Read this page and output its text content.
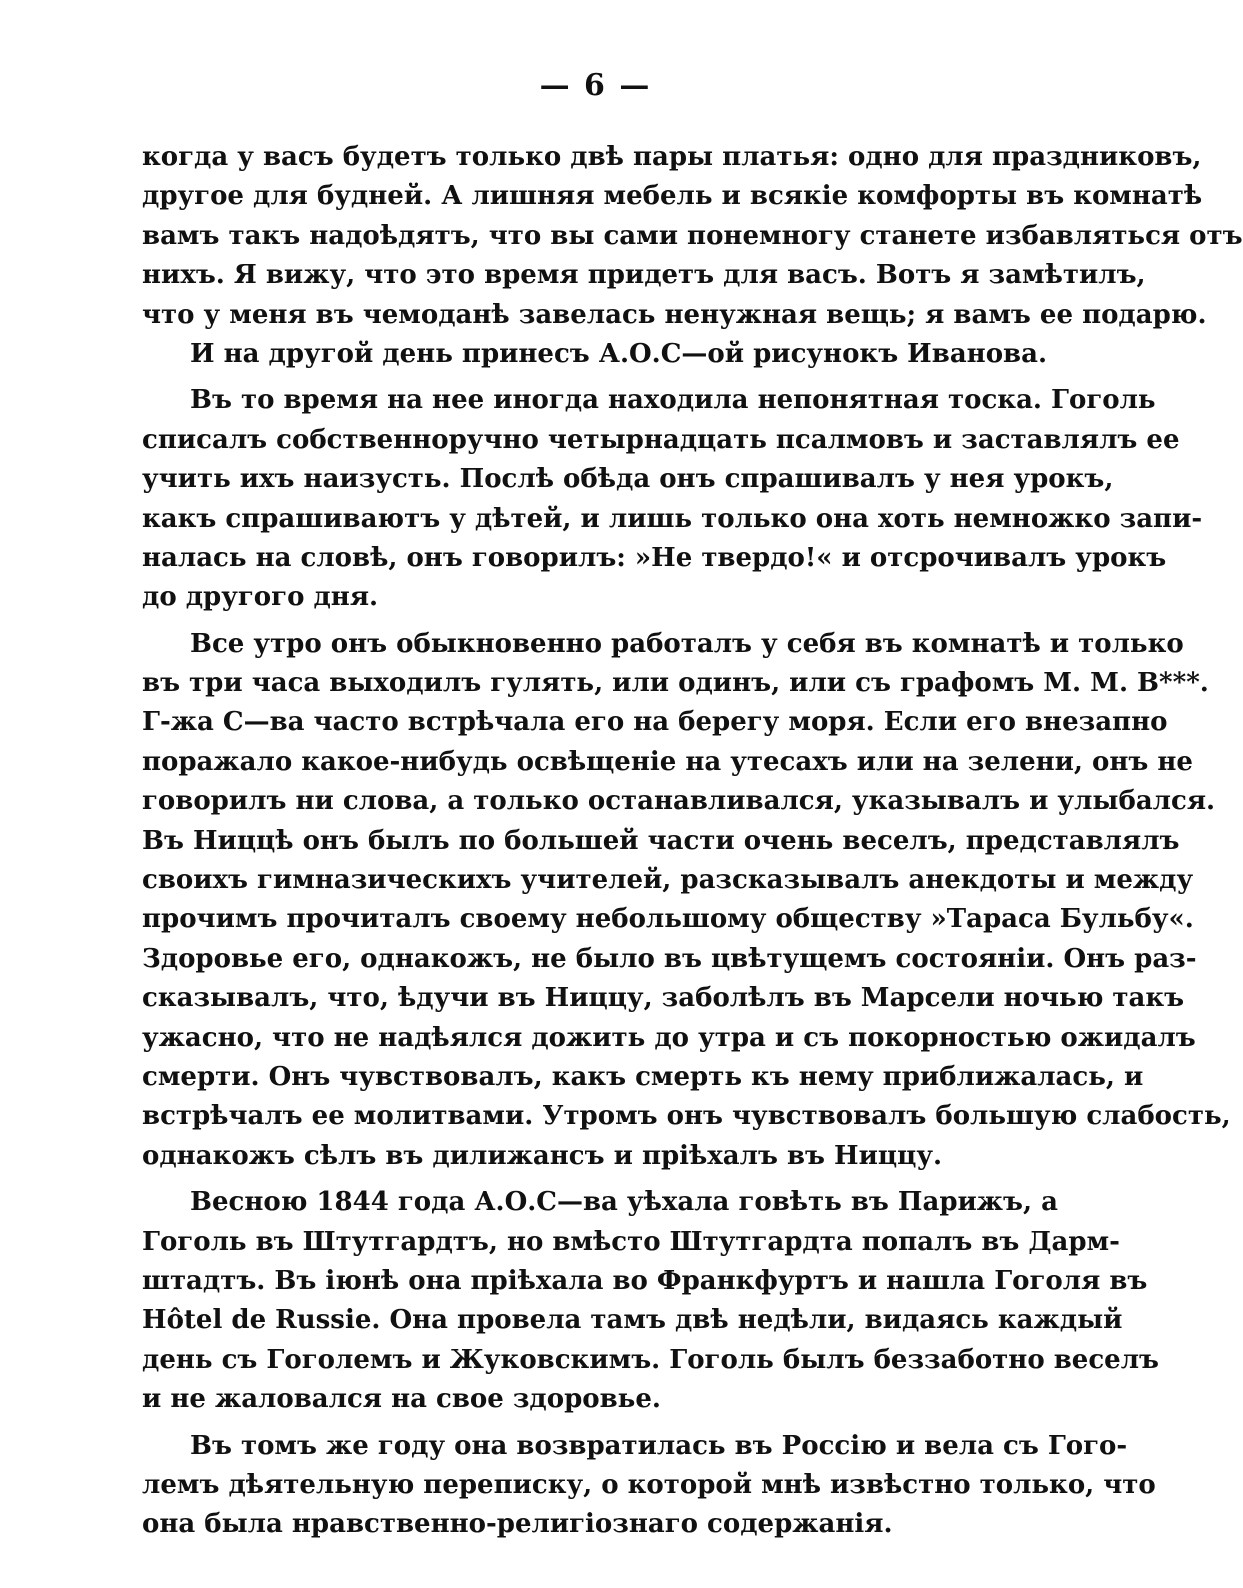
— 6 —
когда у васъ будетъ только двѣ пары платья: одно для праздниковъ,
другое для будней. А лишняя мебель и всякіе комфорты въ комнатѣ
вамъ такъ надоѣдятъ, что вы сами понемногу станете избавляться отъ
нихъ. Я вижу, что это время придетъ для васъ. Вотъ я замѣтилъ,
что у меня въ чемоданѣ завелась ненужная вещь; я вамъ ее подарю.
И на другой день принесъ А.О.С—ой рисунокъ Иванова.
Въ то время на нее иногда находила непонятная тоска. Гоголь
списалъ собственноручно четырнадцать псалмовъ и заставлялъ ее
учить ихъ наизусть. Послѣ обѣда онъ спрашивалъ у нея урокъ,
какъ спрашиваютъ у дѣтей, и лишь только она хоть немножко запи-
налась на словѣ, онъ говорилъ: »Не твердо!« и отсрочивалъ урокъ
до другого дня.
Все утро онъ обыкновенно работалъ у себя въ комнатѣ и только
въ три часа выходилъ гулять, или одинъ, или съ графомъ М. М. В***.
Г-жа С—ва часто встрѣчала его на берегу моря. Если его внезапно
поражало какое-нибудь освѣщеніе на утесахъ или на зелени, онъ не
говорилъ ни слова, а только останавливался, указывалъ и улыбался.
Въ Ниццѣ онъ былъ по большей части очень веселъ, представлялъ
своихъ гимназическихъ учителей, разсказывалъ анекдоты и между
прочимъ прочиталъ своему небольшому обществу »Тараса Бульбу«.
Здоровье его, однакожъ, не было въ цвѣтущемъ состояніи. Онъ раз-
сказывалъ, что, ѣдучи въ Ниццу, заболѣлъ въ Марсели ночью такъ
ужасно, что не надѣялся дожить до утра и съ покорностью ожидалъ
смерти. Онъ чувствовалъ, какъ смерть къ нему приближалась, и
встрѣчалъ ее молитвами. Утромъ онъ чувствовалъ большую слабость,
однакожъ сѣлъ въ дилижансъ и пріѣхалъ въ Ниццу.
Весною 1844 года А.О.С—ва уѣхала говѣть въ Парижъ, а
Гоголь въ Штутгардтъ, но вмѣсто Штутгардта попалъ въ Дарм-
штадтъ. Въ іюнѣ она пріѣхала во Франкфуртъ и нашла Гоголя въ
Hôtel de Russie. Она провела тамъ двѣ недѣли, видаясь каждый
день съ Гоголемъ и Жуковскимъ. Гоголь былъ беззаботно веселъ
и не жаловался на свое здоровье.
Въ томъ же году она возвратилась въ Россію и вела съ Гого-
лемъ дѣятельную переписку, о которой мнѣ извѣстно только, что
она была нравственно-религіознаго содержанія.
